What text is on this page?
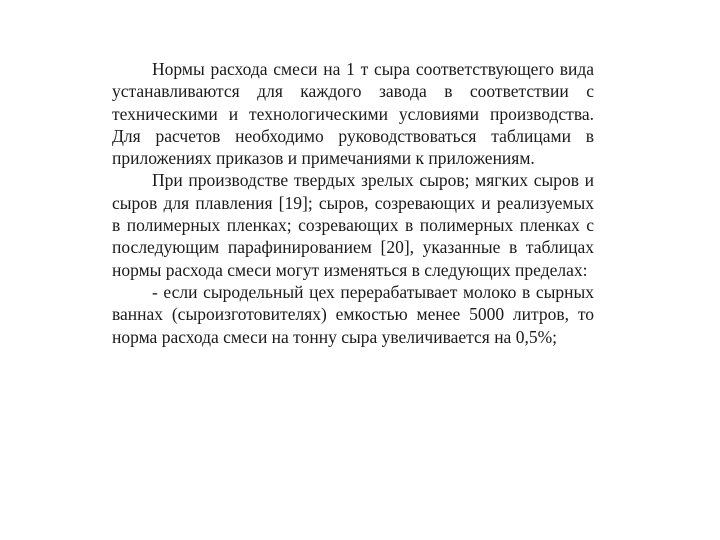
Нормы расхода смеси на 1 т сыра соответствующего вида устанавливаются для каждого завода в соответствии с техническими и технологическими условиями производства. Для расчетов необходимо руководствоваться таблицами в приложениях приказов и примечаниями к приложениям.

При производстве твердых зрелых сыров; мягких сыров и сыров для плавления [19]; сыров, созревающих и реализуемых в полимерных пленках; созревающих в полимерных пленках с последующим парафинированием [20], указанные в таблицах нормы расхода смеси могут изменяться в следующих пределах:

- если сыродельный цех перерабатывает молоко в сырных ваннах (сыроизготовителях) емкостью менее 5000 литров, то норма расхода смеси на тонну сыра увеличивается на 0,5%;
